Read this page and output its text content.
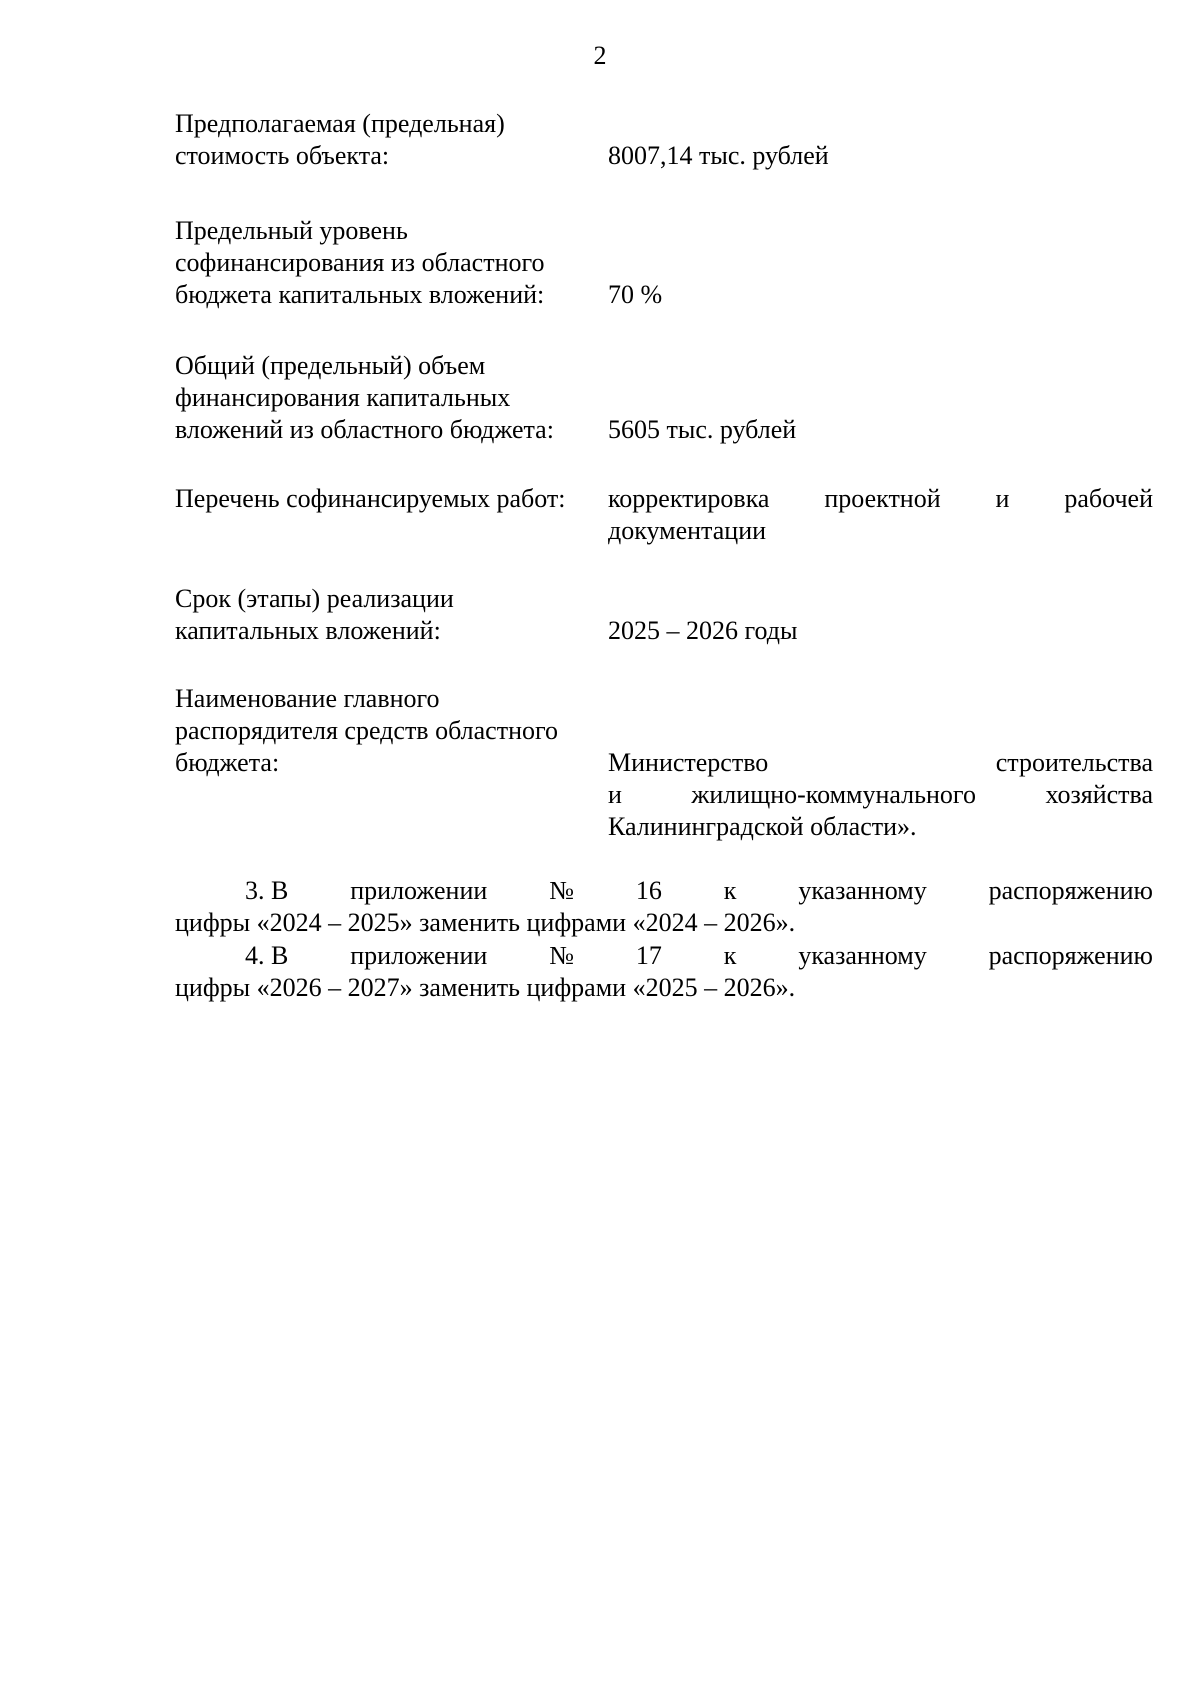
2
Предполагаемая (предельная)
стоимость объекта:	8007,14 тыс. рублей
Предельный уровень
софинансирования из областного
бюджета капитальных вложений:	70 %
Общий (предельный) объем
финансирования капитальных
вложений из областного бюджета:	5605 тыс. рублей
Перечень софинансируемых работ:	корректировка проектной и рабочей
документации
Срок (этапы) реализации
капитальных вложений:	2025 – 2026 годы
Наименование главного
распорядителя средств областного
бюджета:	Министерство строительства
и жилищно-коммунального хозяйства
Калининградской области».
3. В приложении № 16 к указанному распоряжению
цифры «2024 – 2025» заменить цифрами «2024 – 2026».
4. В приложении № 17 к указанному распоряжению
цифры «2026 – 2027» заменить цифрами «2025 – 2026».
